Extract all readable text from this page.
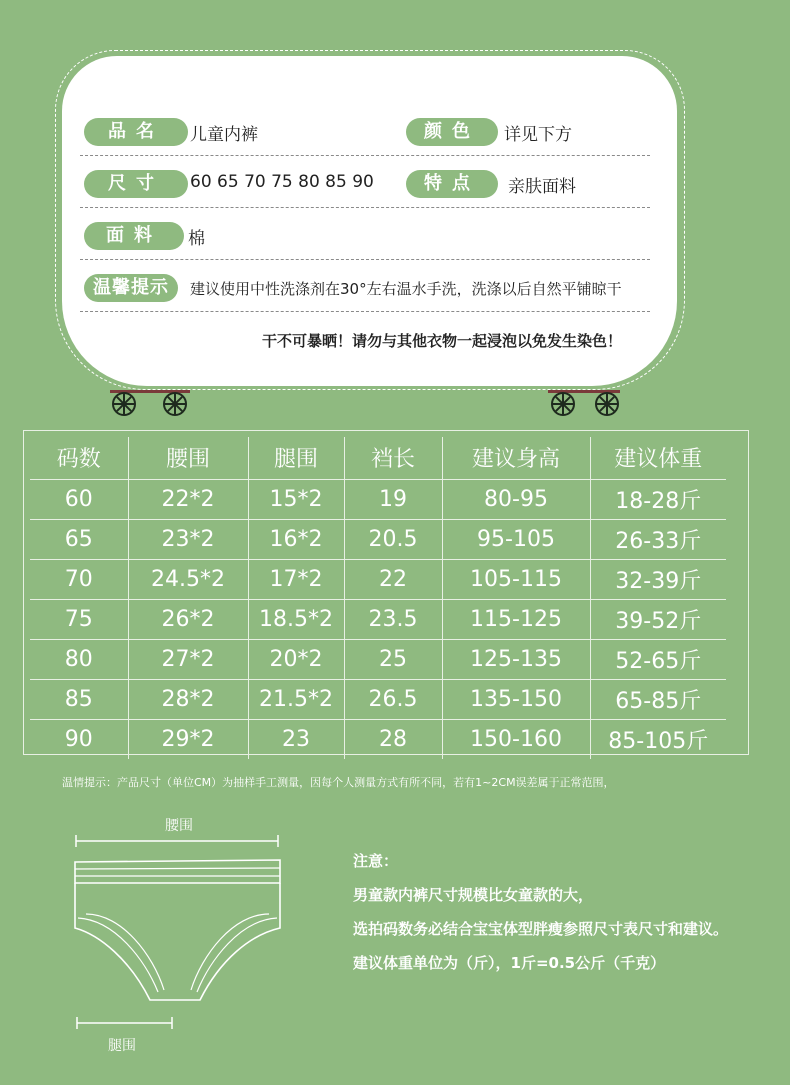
品名	儿童内裤	颜色	详见下方
尺寸	60 65 70 75 80 85 90	特点	亲肤面料
面料	棉
温馨提示	建议使用中性洗涤剂在30°左右温水手洗，洗涤以后自然平铺晾干
干不可暴晒！请勿与其他衣物一起浸泡以免发生染色！
码数	腰围	腿围	裆长	建议身高	建议体重
60	22*2	15*2	19	80-95	18-28斤
65	23*2	16*2	20.5	95-105	26-33斤
70	24.5*2	17*2	22	105-115	32-39斤
75	26*2	18.5*2	23.5	115-125	39-52斤
80	27*2	20*2	25	125-135	52-65斤
85	28*2	21.5*2	26.5	135-150	65-85斤
90	29*2	23	28	150-160	85-105斤
温情提示：产品尺寸（单位CM）为抽样手工测量，因每个人测量方式有所不同，若有1~2CM误差属于正常范围，
腰围
腿围
注意：
男童款内裤尺寸规模比女童款的大，
选拍码数务必结合宝宝体型胖瘦参照尺寸表尺寸和建议。
建议体重单位为（斤），1斤=0.5公斤（千克）
